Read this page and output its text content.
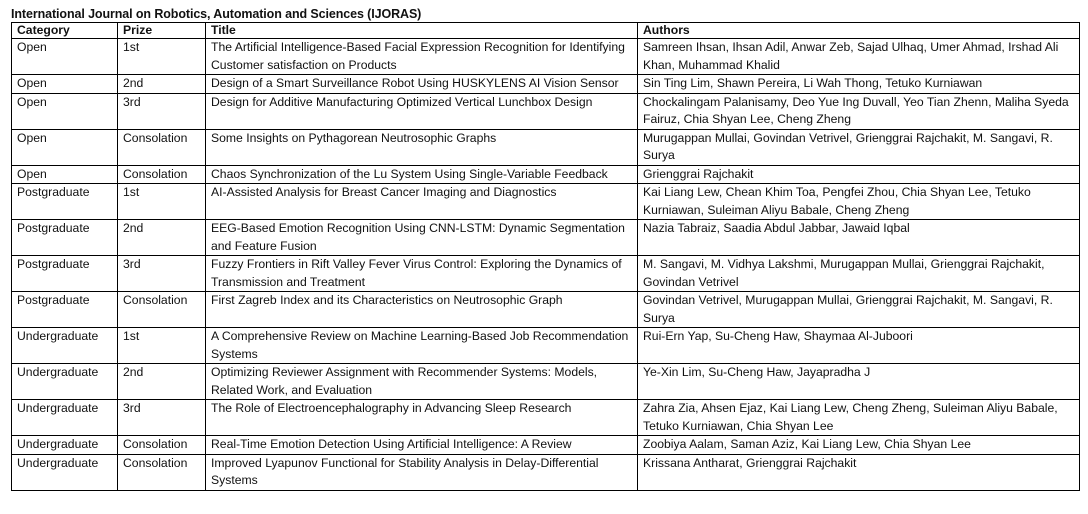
International Journal on Robotics, Automation and Sciences (IJORAS)
Category	Prize	Title	Authors
Open	1st	The Artificial Intelligence-Based Facial Expression Recognition for Identifying Customer satisfaction on Products	Samreen Ihsan, Ihsan Adil, Anwar Zeb, Sajad Ulhaq, Umer Ahmad, Irshad Ali Khan, Muhammad Khalid
Open	2nd	Design of a Smart Surveillance Robot Using HUSKYLENS AI Vision Sensor	Sin Ting Lim, Shawn Pereira, Li Wah Thong, Tetuko Kurniawan
Open	3rd	Design for Additive Manufacturing Optimized Vertical Lunchbox Design	Chockalingam Palanisamy, Deo Yue Ing Duvall, Yeo Tian Zhenn, Maliha Syeda Fairuz, Chia Shyan Lee, Cheng Zheng
Open	Consolation	Some Insights on Pythagorean Neutrosophic Graphs	Murugappan Mullai, Govindan Vetrivel, Grienggrai Rajchakit, M. Sangavi, R. Surya
Open	Consolation	Chaos Synchronization of the Lu System Using Single-Variable Feedback	Grienggrai Rajchakit
Postgraduate	1st	AI-Assisted Analysis for Breast Cancer Imaging and Diagnostics	Kai Liang Lew, Chean Khim Toa, Pengfei Zhou, Chia Shyan Lee, Tetuko Kurniawan, Suleiman Aliyu Babale, Cheng Zheng
Postgraduate	2nd	EEG-Based Emotion Recognition Using CNN-LSTM: Dynamic Segmentation and Feature Fusion	Nazia Tabraiz, Saadia Abdul Jabbar, Jawaid Iqbal
Postgraduate	3rd	Fuzzy Frontiers in Rift Valley Fever Virus Control: Exploring the Dynamics of Transmission and Treatment	M. Sangavi, M. Vidhya Lakshmi, Murugappan Mullai, Grienggrai Rajchakit, Govindan Vetrivel
Postgraduate	Consolation	First Zagreb Index and its Characteristics on Neutrosophic Graph	Govindan Vetrivel, Murugappan Mullai, Grienggrai Rajchakit, M. Sangavi, R. Surya
Undergraduate	1st	A Comprehensive Review on Machine Learning-Based Job Recommendation Systems	Rui-Ern Yap, Su-Cheng Haw, Shaymaa Al-Juboori
Undergraduate	2nd	Optimizing Reviewer Assignment with Recommender Systems: Models, Related Work, and Evaluation	Ye-Xin Lim, Su-Cheng Haw, Jayapradha J
Undergraduate	3rd	The Role of Electroencephalography in Advancing Sleep Research	Zahra Zia, Ahsen Ejaz, Kai Liang Lew, Cheng Zheng, Suleiman Aliyu Babale, Tetuko Kurniawan, Chia Shyan Lee
Undergraduate	Consolation	Real-Time Emotion Detection Using Artificial Intelligence: A Review	Zoobiya Aalam, Saman Aziz, Kai Liang Lew, Chia Shyan Lee
Undergraduate	Consolation	Improved Lyapunov Functional for Stability Analysis in Delay-Differential Systems	Krissana Antharat, Grienggrai Rajchakit
